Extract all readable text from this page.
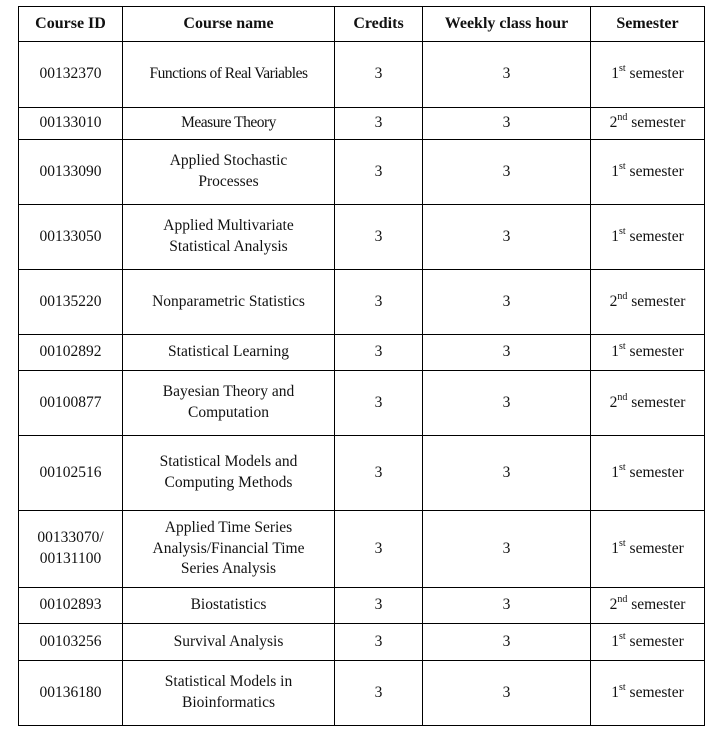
Course ID	Course name	Credits	Weekly class hour	Semester
00132370	Functions of Real Variables	3	3	1st semester
00133010	Measure Theory	3	3	2nd semester
00133090	Applied Stochastic Processes	3	3	1st semester
00133050	Applied Multivariate Statistical Analysis	3	3	1st semester
00135220	Nonparametric Statistics	3	3	2nd semester
00102892	Statistical Learning	3	3	1st semester
00100877	Bayesian Theory and Computation	3	3	2nd semester
00102516	Statistical Models and Computing Methods	3	3	1st semester
00133070/ 00131100	Applied Time Series Analysis/Financial Time Series Analysis	3	3	1st semester
00102893	Biostatistics	3	3	2nd semester
00103256	Survival Analysis	3	3	1st semester
00136180	Statistical Models in Bioinformatics	3	3	1st semester
